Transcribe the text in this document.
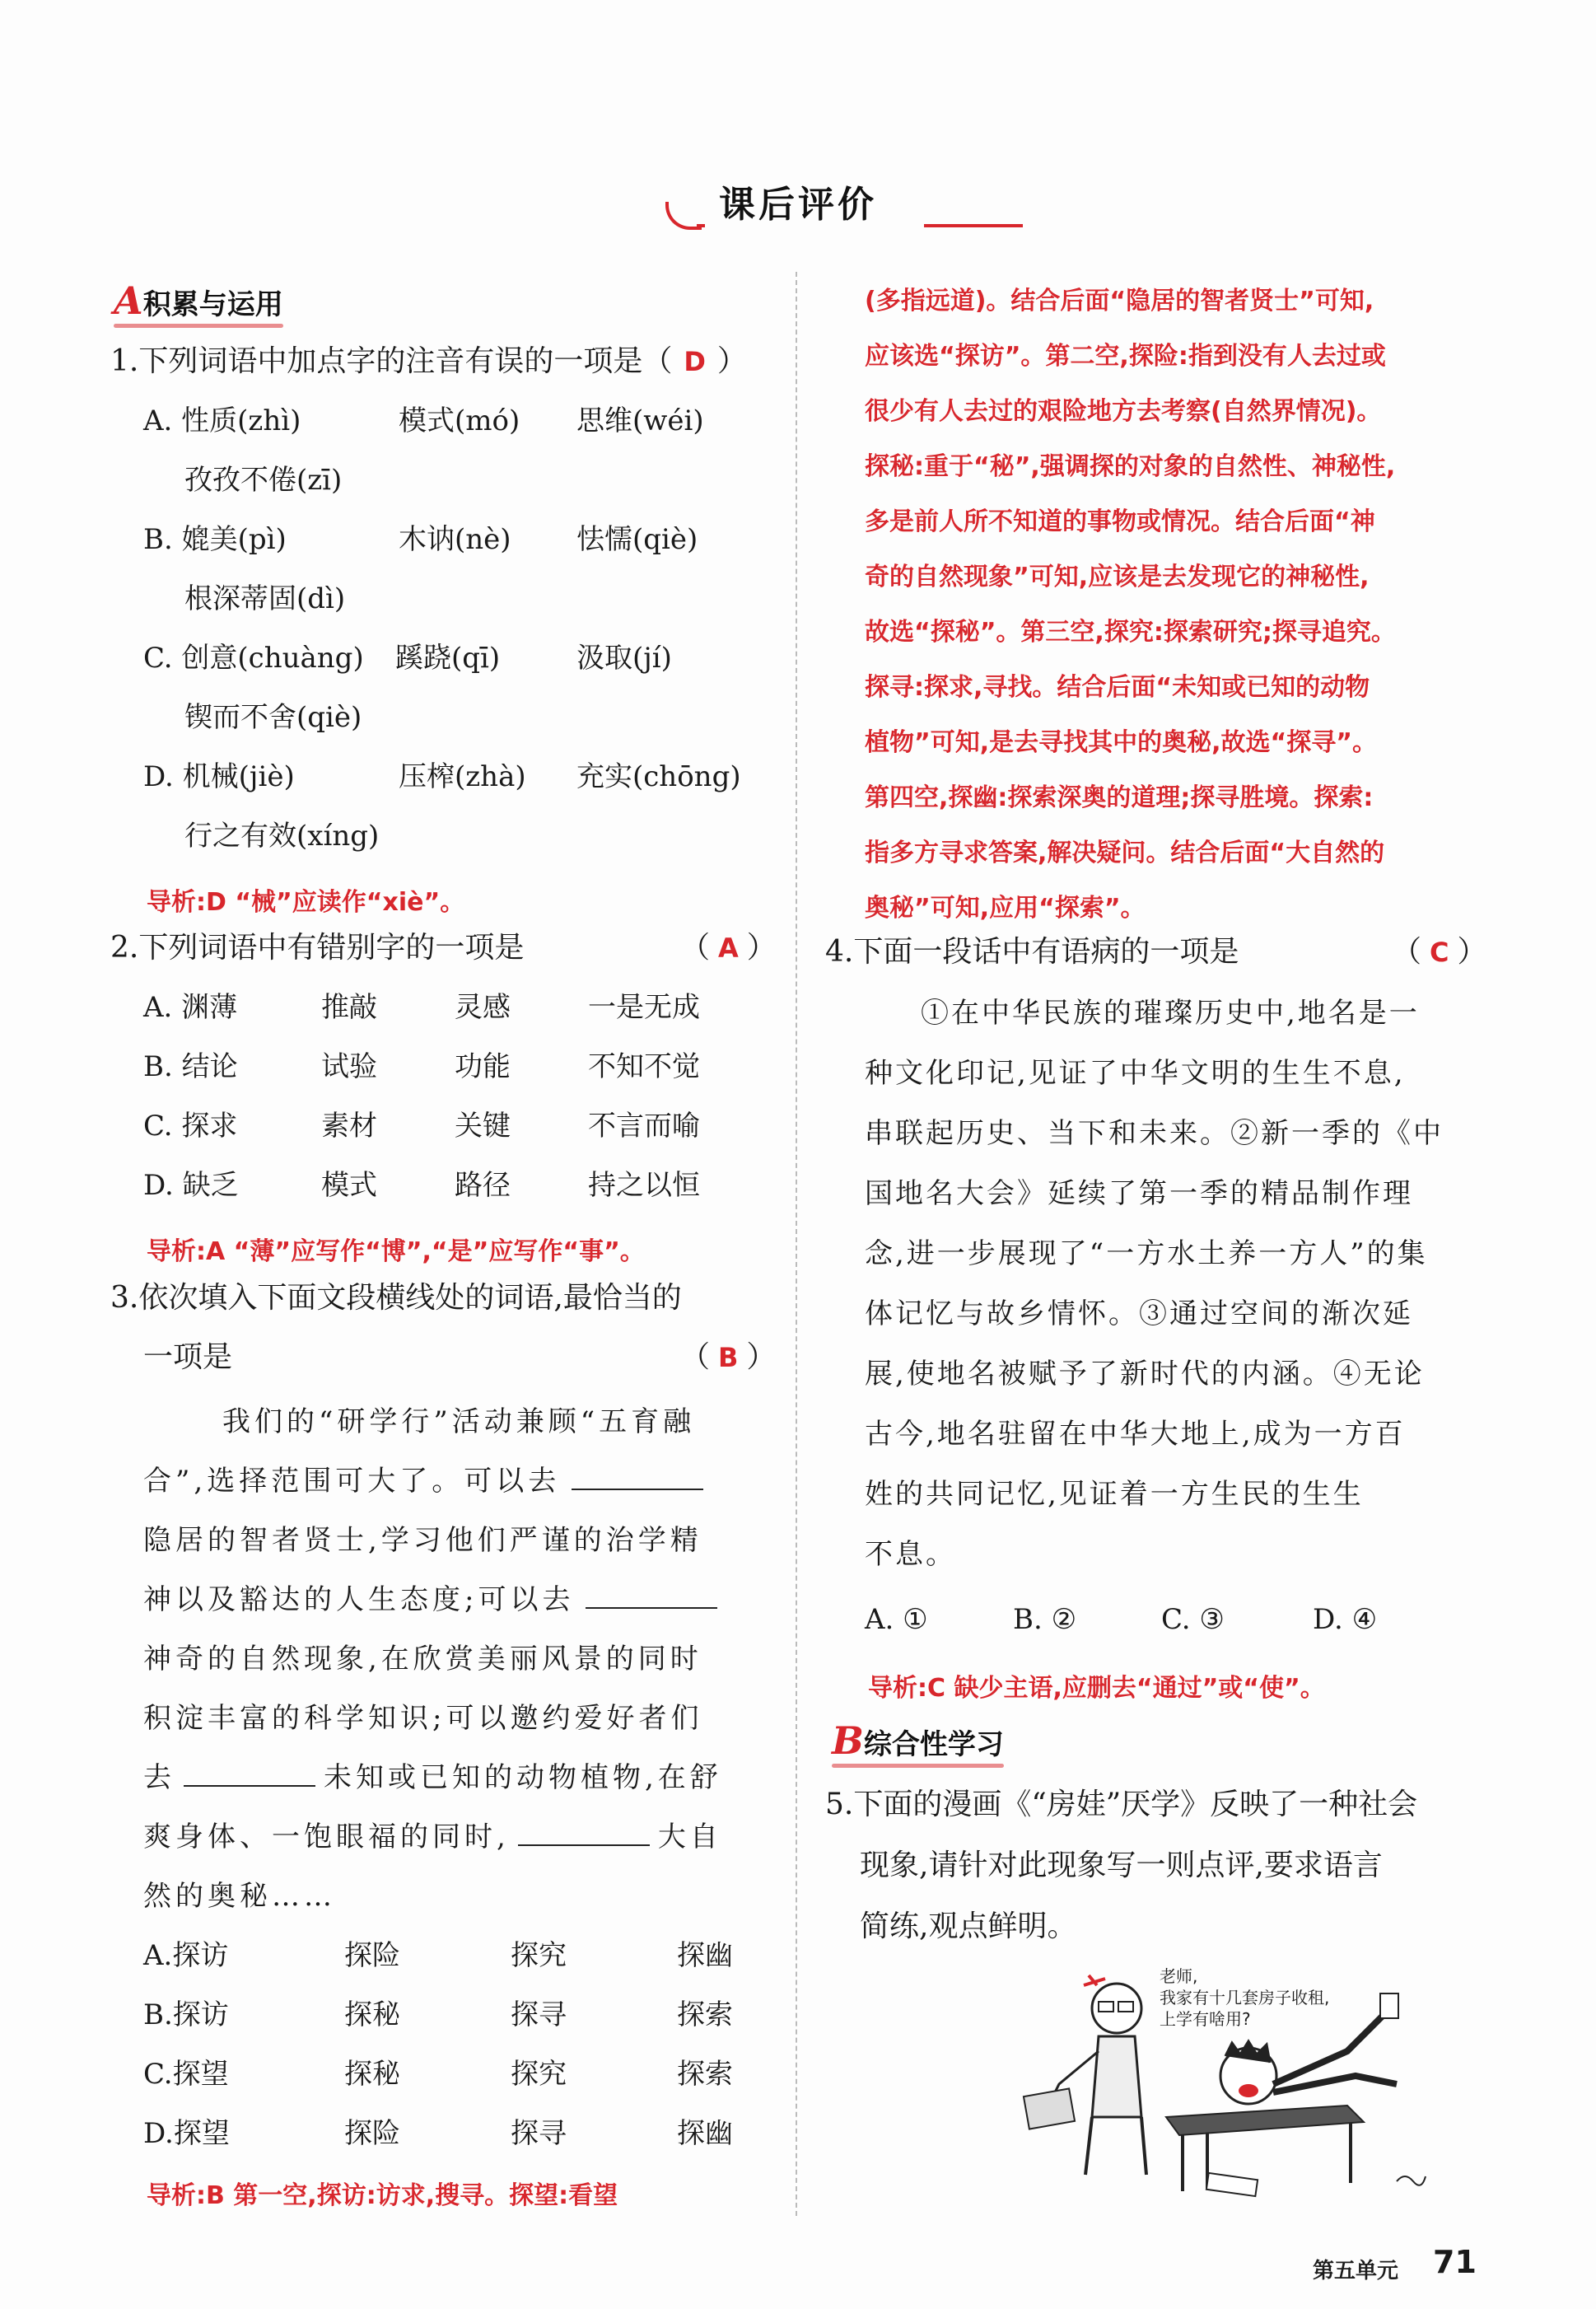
课后评价
A积累与运用
1.下列词语中加点字的注音有误的一项是（ D ）
A. 性质(zhì)	模式(mó) 思维(wéi)
孜孜不倦(zī)
B. 媲美(pì)	木讷(nè) 怯懦(qiè)
根深蒂固(dì)
C. 创意(chuàng) 蹊跷(qī)	汲取(jí)
锲而不舍(qiè)
D. 机械(jiè)	压榨(zhà) 充实(chōng)
行之有效(xíng)
导析:D “械”应读作“xiè”。
2.下列词语中有错别字的一项是	（ A ）
A. 渊薄	推敲	灵感	一是无成
B. 结论	试验	功能	不知不觉
C. 探求	素材	关键	不言而喻
D. 缺乏	模式	路径	持之以恒
导析:A “薄”应写作“博”,“是”应写作“事”。
3.依次填入下面文段横线处的词语,最恰当的
一项是	（ B ）
我们的“研学行”活动兼顾“五育融
合”,选择范围可大了。可以去
隐居的智者贤士,学习他们严谨的治学精
神以及豁达的人生态度;可以去
神奇的自然现象,在欣赏美丽风景的同时
积淀丰富的科学知识;可以邀约爱好者们
去	未知或已知的动物植物,在舒
爽身体、一饱眼福的同时,	大自
然的奥秘……
A.探访	探险	探究	探幽
B.探访	探秘	探寻	探索
C.探望	探秘	探究	探索
D.探望	探险	探寻	探幽
导析:B 第一空,探访:访求,搜寻。探望:看望
(多指远道)。结合后面“隐居的智者贤士”可知,
应该选“探访”。第二空,探险:指到没有人去过或
很少有人去过的艰险地方去考察(自然界情况)。
探秘:重于“秘”,强调探的对象的自然性、神秘性,
多是前人所不知道的事物或情况。结合后面“神
奇的自然现象”可知,应该是去发现它的神秘性,
故选“探秘”。第三空,探究:探索研究;探寻追究。
探寻:探求,寻找。结合后面“未知或已知的动物
植物”可知,是去寻找其中的奥秘,故选“探寻”。
第四空,探幽:探索深奥的道理;探寻胜境。探索:
指多方寻求答案,解决疑问。结合后面“大自然的
奥秘”可知,应用“探索”。
4.下面一段话中有语病的一项是	（ C ）
①在中华民族的璀璨历史中,地名是一
种文化印记,见证了中华文明的生生不息,
串联起历史、当下和未来。②新一季的《中
国地名大会》延续了第一季的精品制作理
念,进一步展现了“一方水土养一方人”的集
体记忆与故乡情怀。③通过空间的渐次延
展,使地名被赋予了新时代的内涵。④无论
古今,地名驻留在中华大地上,成为一方百
姓的共同记忆,见证着一方生民的生生
不息。
A. ①	B. ②	C. ③	D. ④
导析:C 缺少主语,应删去“通过”或“使”。
B综合性学习
5.下面的漫画《“房娃”厌学》反映了一种社会
现象,请针对此现象写一则点评,要求语言
简练,观点鲜明。
老师,
我家有十几套房子收租,
上学有啥用?
第五单元 71
